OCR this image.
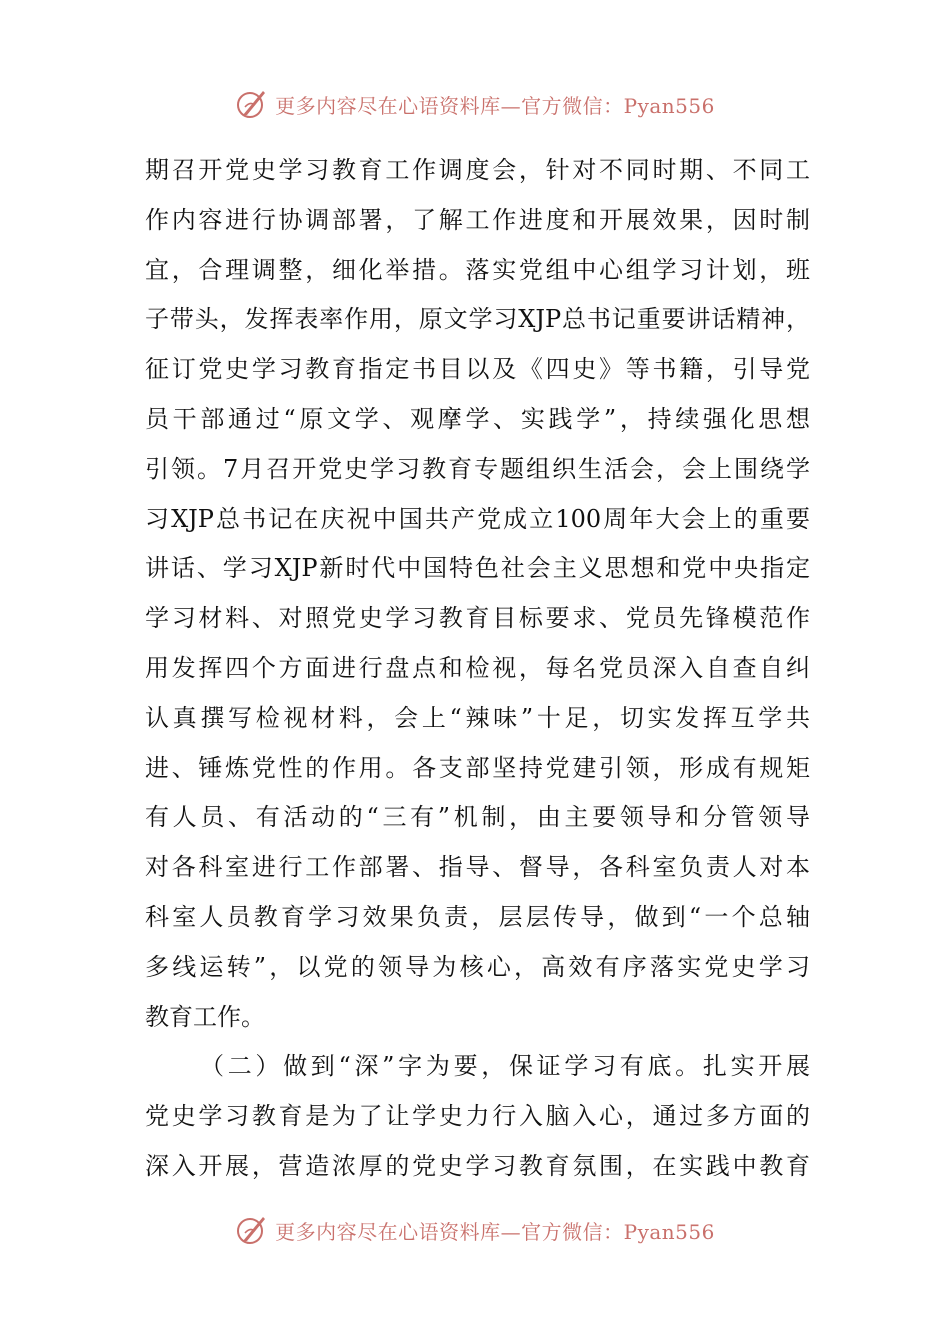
更多内容尽在心语资料库—官方微信：Pyan556
期召开党史学习教育工作调度会，针对不同时期、不同工
作内容进行协调部署，了解工作进度和开展效果，因时制
宜，合理调整，细化举措。落实党组中心组学习计划，班
子带头，发挥表率作用，原文学习XJP总书记重要讲话精神，
征订党史学习教育指定书目以及《四史》等书籍，引导党
员干部通过“原文学、观摩学、实践学”，持续强化思想
引领。7月召开党史学习教育专题组织生活会，会上围绕学
习XJP总书记在庆祝中国共产党成立100周年大会上的重要
讲话、学习XJP新时代中国特色社会主义思想和党中央指定
学习材料、对照党史学习教育目标要求、党员先锋模范作
用发挥四个方面进行盘点和检视，每名党员深入自查自纠
认真撰写检视材料，会上“辣味”十足，切实发挥互学共
进、锤炼党性的作用。各支部坚持党建引领，形成有规矩
有人员、有活动的“三有”机制，由主要领导和分管领导
对各科室进行工作部署、指导、督导，各科室负责人对本
科室人员教育学习效果负责，层层传导，做到“一个总轴
多线运转”，以党的领导为核心，高效有序落实党史学习
教育工作。
（二）做到“深”字为要，保证学习有底。扎实开展
党史学习教育是为了让学史力行入脑入心，通过多方面的
深入开展，营造浓厚的党史学习教育氛围，在实践中教育
更多内容尽在心语资料库—官方微信：Pyan556
